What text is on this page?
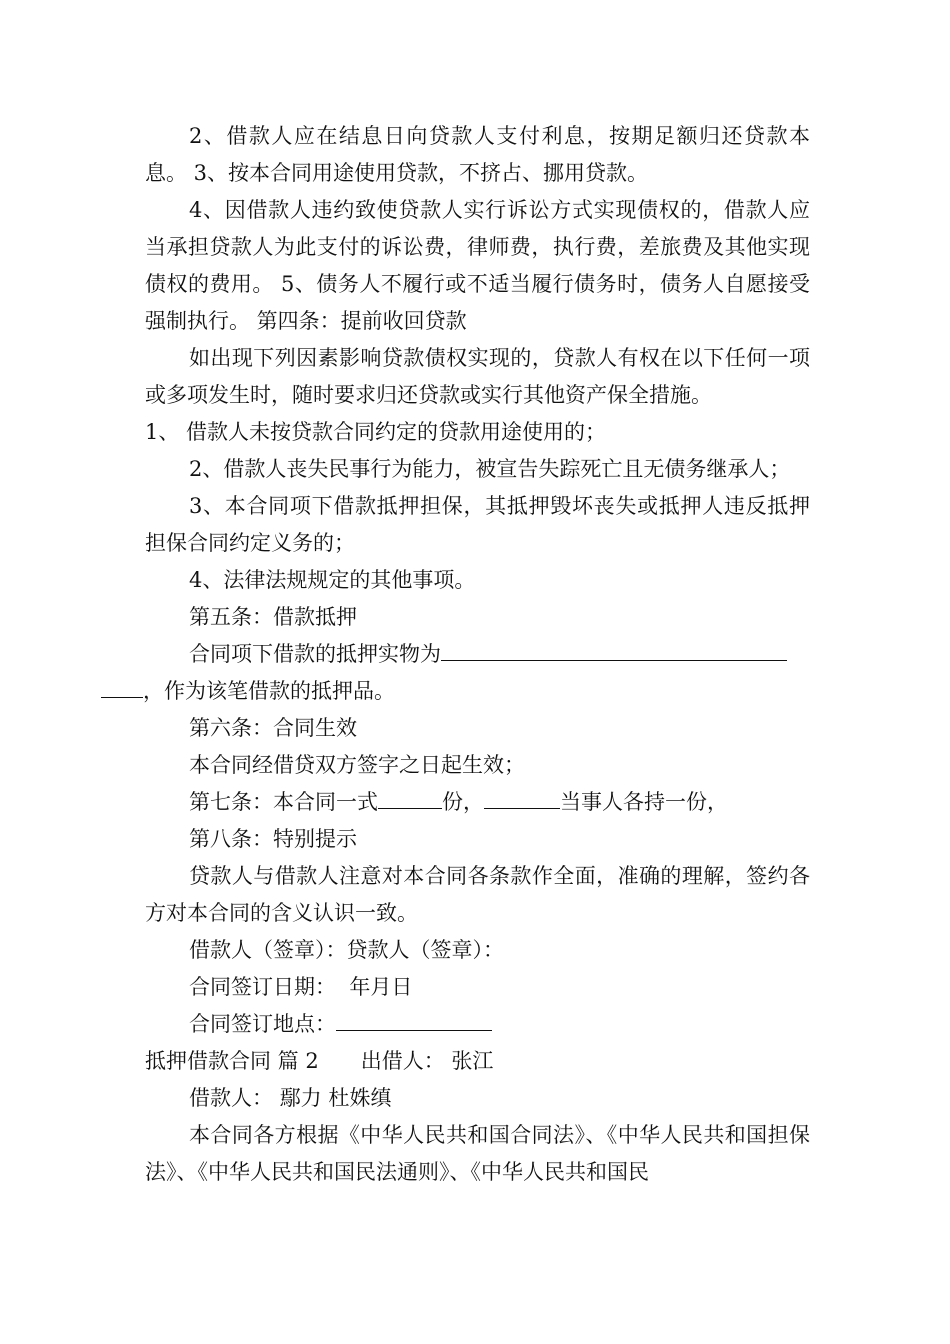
2、借款人应在结息日向贷款人支付利息，按期足额归还贷款本息。 3、按本合同用途使用贷款，不挤占、挪用贷款。

4、因借款人违约致使贷款人实行诉讼方式实现债权的，借款人应当承担贷款人为此支付的诉讼费，律师费，执行费，差旅费及其他实现债权的费用。 5、债务人不履行或不适当履行债务时，债务人自愿接受强制执行。 第四条：提前收回贷款

如出现下列因素影响贷款债权实现的，贷款人有权在以下任何一项或多项发生时，随时要求归还贷款或实行其他资产保全措施。

1、 借款人未按贷款合同约定的贷款用途使用的；

2、借款人丧失民事行为能力，被宣告失踪死亡且无债务继承人；

3、本合同项下借款抵押担保，其抵押毁坏丧失或抵押人违反抵押担保合同约定义务的；

4、法律法规规定的其他事项。

第五条：借款抵押

合同项下借款的抵押实物为
，作为该笔借款的抵押品。

第六条：合同生效

本合同经借贷双方签字之日起生效；

第七条：本合同一式	份，	当事人各持一份，

第八条：特别提示

贷款人与借款人注意对本合同各条款作全面，准确的理解，签约各方对本合同的含义认识一致。

借款人（签章）：贷款人（签章）：

合同签订日期：  年月日

合同签订地点：

抵押借款合同 篇 2 出借人： 张江

借款人： 鄢力 杜姝缜

本合同各方根据《中华人民共和国合同法》、《中华人民共和国担保法》、《中华人民共和国民法通则》、《中华人民共和国民
